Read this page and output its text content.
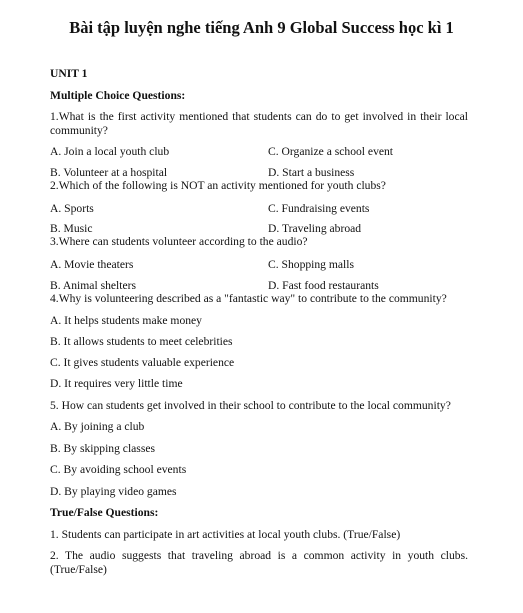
Bài tập luyện nghe tiếng Anh 9 Global Success học kì 1
UNIT 1
Multiple Choice Questions:
1.What is the first activity mentioned that students can do to get involved in their local community?
A. Join a local youth club	C. Organize a school event
B. Volunteer at a hospital	D. Start a business
2.Which of the following is NOT an activity mentioned for youth clubs?
A. Sports	C. Fundraising events
B. Music	D. Traveling abroad
3.Where can students volunteer according to the audio?
A. Movie theaters	C. Shopping malls
B. Animal shelters	D. Fast food restaurants
4.Why is volunteering described as a "fantastic way" to contribute to the community?
A. It helps students make money
B. It allows students to meet celebrities
C. It gives students valuable experience
D. It requires very little time
5. How can students get involved in their school to contribute to the local community?
A. By joining a club
B. By skipping classes
C. By avoiding school events
D. By playing video games
True/False Questions:
1. Students can participate in art activities at local youth clubs. (True/False)
2. The audio suggests that traveling abroad is a common activity in youth clubs. (True/False)
